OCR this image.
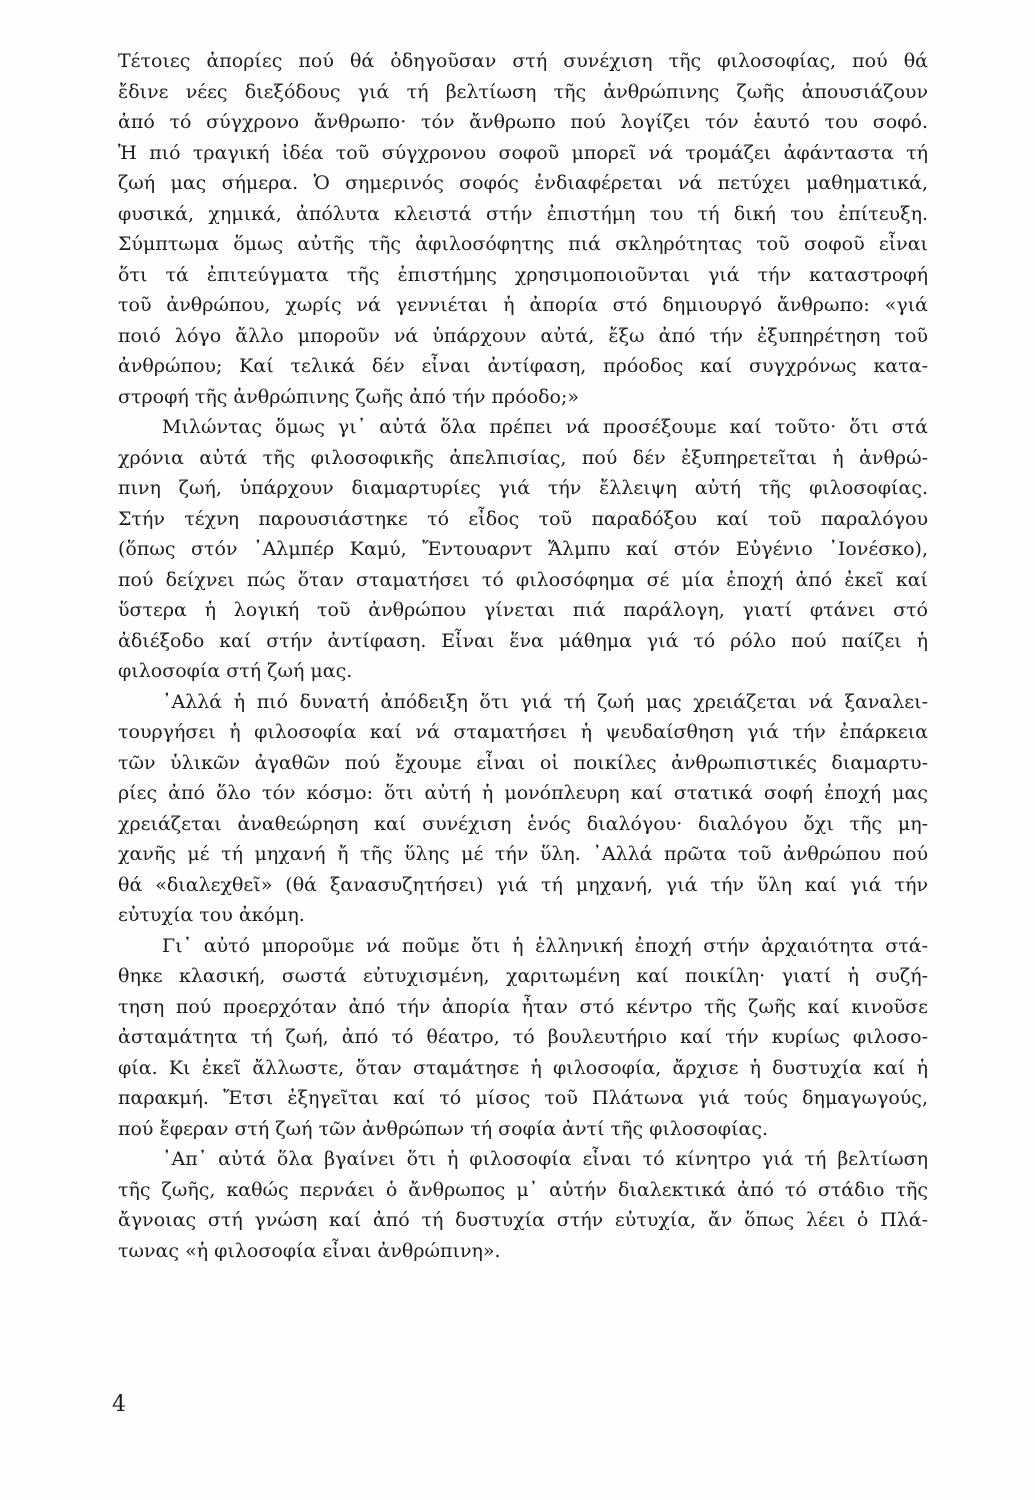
Τέτοιες ἀπορίες πού θά ὁδηγοῦσαν στή συνέχιση τῆς φιλοσοφίας, πού θά
ἔδινε νέες διεξόδους γιά τή βελτίωση τῆς ἀνθρώπινης ζωῆς ἀπουσιάζουν
ἀπό τό σύγχρονο ἄνθρωπο· τόν ἄνθρωπο πού λογίζει τόν ἑαυτό του σοφό.
Ἡ πιό τραγική ἰδέα τοῦ σύγχρονου σοφοῦ μπορεῖ νά τρομάζει ἀφάνταστα τή
ζωή μας σήμερα. Ὁ σημερινός σοφός ἐνδιαφέρεται νά πετύχει μαθηματικά,
φυσικά, χημικά, ἀπόλυτα κλειστά στήν ἐπιστήμη του τή δική του ἐπίτευξη.
Σύμπτωμα ὅμως αὐτῆς τῆς ἀφιλοσόφητης πιά σκληρότητας τοῦ σοφοῦ εἶναι
ὅτι τά ἐπιτεύγματα τῆς ἐπιστήμης χρησιμοποιοῦνται γιά τήν καταστροφή
τοῦ ἀνθρώπου, χωρίς νά γεννιέται ἡ ἀπορία στό δημιουργό ἄνθρωπο: «γιά
ποιό λόγο ἄλλο μποροῦν νά ὑπάρχουν αὐτά, ἔξω ἀπό τήν ἐξυπηρέτηση τοῦ
ἀνθρώπου; Καί τελικά δέν εἶναι ἀντίφαση, πρόοδος καί συγχρόνως κατα-
στροφή τῆς ἀνθρώπινης ζωῆς ἀπό τήν πρόοδο;»

Μιλώντας ὅμως γι᾿ αὐτά ὅλα πρέπει νά προσέξουμε καί τοῦτο· ὅτι στά
χρόνια αὐτά τῆς φιλοσοφικῆς ἀπελπισίας, πού δέν ἐξυπηρετεῖται ἡ ἀνθρώ-
πινη ζωή, ὑπάρχουν διαμαρτυρίες γιά τήν ἔλλειψη αὐτή τῆς φιλοσοφίας.
Στήν τέχνη παρουσιάστηκε τό εἶδος τοῦ παραδόξου καί τοῦ παραλόγου
(ὅπως στόν ᾿Αλμπέρ Καμύ, Ἔντουαρντ Ἄλμπυ καί στόν Εὐγένιο ᾿Ιονέσκο),
πού δείχνει πώς ὅταν σταματήσει τό φιλοσόφημα σέ μία ἐποχή ἀπό ἐκεῖ καί
ὕστερα ἡ λογική τοῦ ἀνθρώπου γίνεται πιά παράλογη, γιατί φτάνει στό
ἀδιέξοδο καί στήν ἀντίφαση. Εἶναι ἕνα μάθημα γιά τό ρόλο πού παίζει ἡ
φιλοσοφία στή ζωή μας.

᾿Αλλά ἡ πιό δυνατή ἀπόδειξη ὅτι γιά τή ζωή μας χρειάζεται νά ξαναλει-
τουργήσει ἡ φιλοσοφία καί νά σταματήσει ἡ ψευδαίσθηση γιά τήν ἐπάρκεια
τῶν ὑλικῶν ἀγαθῶν πού ἔχουμε εἶναι οἱ ποικίλες ἀνθρωπιστικές διαμαρτυ-
ρίες ἀπό ὅλο τόν κόσμο: ὅτι αὐτή ἡ μονόπλευρη καί στατικά σοφή ἐποχή μας
χρειάζεται ἀναθεώρηση καί συνέχιση ἑνός διαλόγου· διαλόγου ὄχι τῆς μη-
χανῆς μέ τή μηχανή ἤ τῆς ὕλης μέ τήν ὕλη. ᾿Αλλά πρῶτα τοῦ ἀνθρώπου πού
θά «διαλεχθεῖ» (θά ξανασυζητήσει) γιά τή μηχανή, γιά τήν ὕλη καί γιά τήν
εὐτυχία του ἀκόμη.

Γι᾿ αὐτό μποροῦμε νά ποῦμε ὅτι ἡ ἑλληνική ἐποχή στήν ἀρχαιότητα στά-
θηκε κλασική, σωστά εὐτυχισμένη, χαριτωμένη καί ποικίλη· γιατί ἡ συζή-
τηση πού προερχόταν ἀπό τήν ἀπορία ἦταν στό κέντρο τῆς ζωῆς καί κινοῦσε
ἀσταμάτητα τή ζωή, ἀπό τό θέατρο, τό βουλευτήριο καί τήν κυρίως φιλοσο-
φία. Κι ἐκεῖ ἄλλωστε, ὅταν σταμάτησε ἡ φιλοσοφία, ἄρχισε ἡ δυστυχία καί ἡ
παρακμή. Ἔτσι ἐξηγεῖται καί τό μίσος τοῦ Πλάτωνα γιά τούς δημαγωγούς,
πού ἔφεραν στή ζωή τῶν ἀνθρώπων τή σοφία ἀντί τῆς φιλοσοφίας.

᾿Απ᾿ αὐτά ὅλα βγαίνει ὅτι ἡ φιλοσοφία εἶναι τό κίνητρο γιά τή βελτίωση
τῆς ζωῆς, καθώς περνάει ὁ ἄνθρωπος μ᾿ αὐτήν διαλεκτικά ἀπό τό στάδιο τῆς
ἄγνοιας στή γνώση καί ἀπό τή δυστυχία στήν εὐτυχία, ἄν ὅπως λέει ὁ Πλά-
τωνας «ἡ φιλοσοφία εἶναι ἀνθρώπινη».

4
